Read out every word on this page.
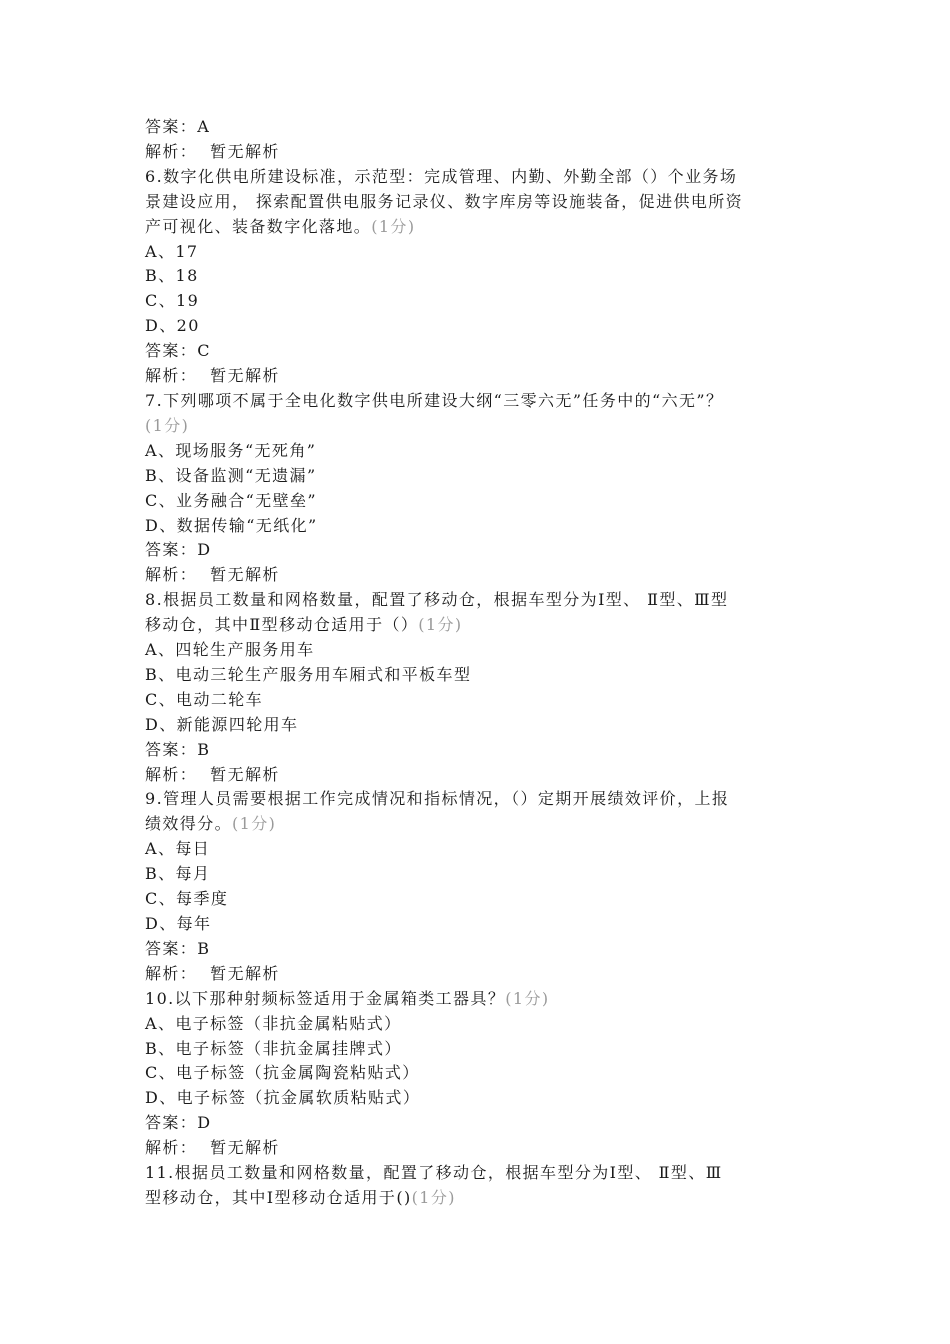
答案：A
解析：  暂无解析
6.数字化供电所建设标准，示范型：完成管理、内勤、外勤全部（）个业务场
景建设应用， 探索配置供电服务记录仪、数字库房等设施装备，促进供电所资
产可视化、装备数字化落地。(1分)
A、17
B、18
C、19
D、20
答案：C
解析：  暂无解析
7.下列哪项不属于全电化数字供电所建设大纲“三零六无”任务中的“六无”？
(1分)
A、现场服务“无死角”
B、设备监测“无遗漏”
C、业务融合“无壁垒”
D、数据传输“无纸化”
答案：D
解析：  暂无解析
8.根据员工数量和网格数量，配置了移动仓，根据车型分为Ⅰ型、 Ⅱ型、Ⅲ型
移动仓，其中Ⅱ型移动仓适用于（）(1分)
A、四轮生产服务用车
B、电动三轮生产服务用车厢式和平板车型
C、电动二轮车
D、新能源四轮用车
答案：B
解析：  暂无解析
9.管理人员需要根据工作完成情况和指标情况，（）定期开展绩效评价，上报
绩效得分。(1分)
A、每日
B、每月
C、每季度
D、每年
答案：B
解析：  暂无解析
10.以下那种射频标签适用于金属箱类工器具？(1分)
A、电子标签（非抗金属粘贴式）
B、电子标签（非抗金属挂牌式）
C、电子标签（抗金属陶瓷粘贴式）
D、电子标签（抗金属软质粘贴式）
答案：D
解析：  暂无解析
11.根据员工数量和网格数量，配置了移动仓，根据车型分为Ⅰ型、 Ⅱ型、Ⅲ
型移动仓，其中Ⅰ型移动仓适用于()(1分)
